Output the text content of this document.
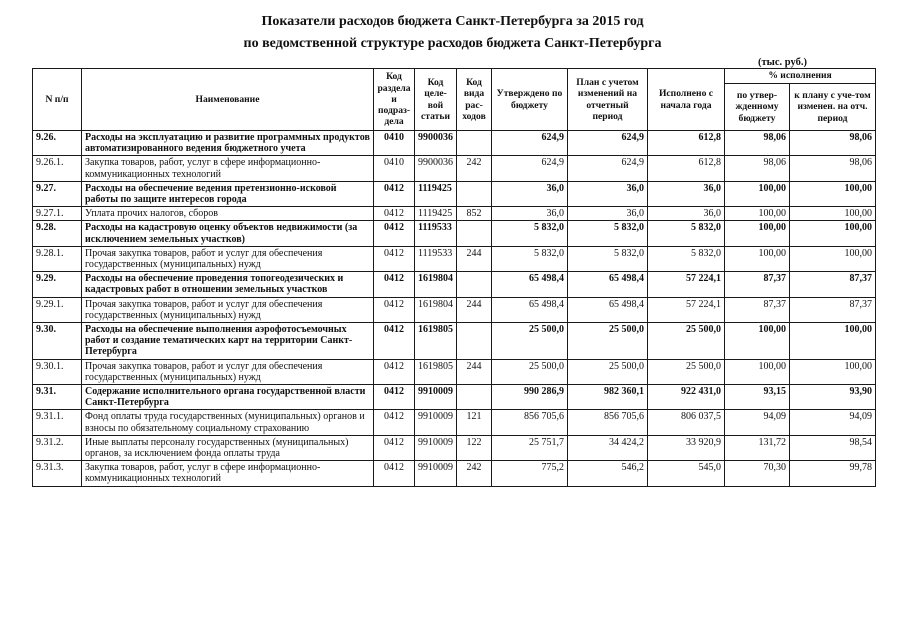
Показатели расходов бюджета Санкт-Петербурга за 2015 год

по ведомственной структуре расходов бюджета Санкт-Петербурга

(тыс. руб.)

N п/п	Наименование	Код раздела и подраз-дела	Код целе-вой статьи	Код вида рас-ходов	Утверждено по бюджету	План с учетом изменений на отчетный период	Исполнено с начала года	% исполнения	
								по утвер-жденному бюджету	к плану с уче-том изменен. на отч. период
9.26.	Расходы на эксплуатацию и развитие программных продуктов автоматизированного ведения бюджетного учета	0410	9900036		624,9	624,9	612,8	98,06	98,06
9.26.1.	Закупка товаров, работ, услуг в сфере информационно-коммуникационных технологий	0410	9900036	242	624,9	624,9	612,8	98,06	98,06
9.27.	Расходы на обеспечение ведения претензионно-исковой работы по защите интересов города	0412	1119425		36,0	36,0	36,0	100,00	100,00
9.27.1.	Уплата прочих налогов, сборов	0412	1119425	852	36,0	36,0	36,0	100,00	100,00
9.28.	Расходы на кадастровую оценку объектов недвижимости (за исключением земельных участков)	0412	1119533		5 832,0	5 832,0	5 832,0	100,00	100,00
9.28.1.	Прочая закупка товаров, работ и услуг для обеспечения государственных (муниципальных) нужд	0412	1119533	244	5 832,0	5 832,0	5 832,0	100,00	100,00
9.29.	Расходы на обеспечение проведения топогеодезических и кадастровых работ в отношении земельных участков	0412	1619804		65 498,4	65 498,4	57 224,1	87,37	87,37
9.29.1.	Прочая закупка товаров, работ и услуг для обеспечения государственных (муниципальных) нужд	0412	1619804	244	65 498,4	65 498,4	57 224,1	87,37	87,37
9.30.	Расходы на обеспечение выполнения аэрофотосъемочных работ и создание тематических карт на территории Санкт-Петербурга	0412	1619805		25 500,0	25 500,0	25 500,0	100,00	100,00
9.30.1.	Прочая закупка товаров, работ и услуг для обеспечения государственных (муниципальных) нужд	0412	1619805	244	25 500,0	25 500,0	25 500,0	100,00	100,00
9.31.	Содержание исполнительного органа государственной власти Санкт-Петербурга	0412	9910009		990 286,9	982 360,1	922 431,0	93,15	93,90
9.31.1.	Фонд оплаты труда государственных (муниципальных) органов и взносы по обязательному социальному страхованию	0412	9910009	121	856 705,6	856 705,6	806 037,5	94,09	94,09
9.31.2.	Иные выплаты персоналу государственных (муниципальных) органов, за исключением фонда оплаты труда	0412	9910009	122	25 751,7	34 424,2	33 920,9	131,72	98,54
9.31.3.	Закупка товаров, работ, услуг в сфере информационно-коммуникационных технологий	0412	9910009	242	775,2	546,2	545,0	70,30	99,78
